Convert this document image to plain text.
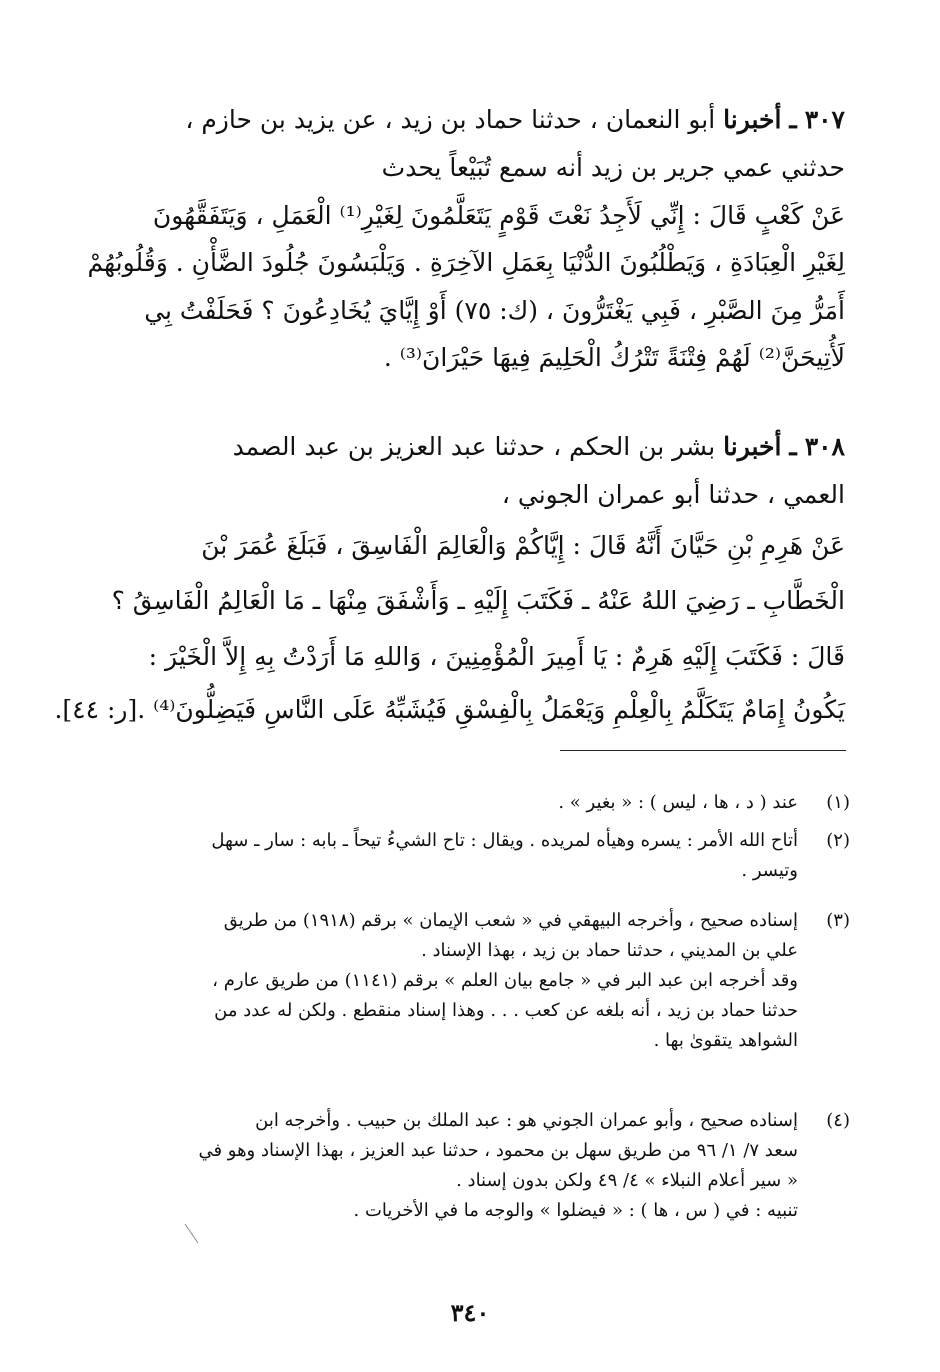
٣٠٧ ـ أخبرنا أبو النعمان ، حدثنا حماد بن زيد ، عن يزيد بن حازم ،
حدثني عمي جرير بن زيد أنه سمع تُبَيْعاً يحدث
عَنْ كَعْبٍ قَالَ : إِنِّي لَأَجِدُ نَعْتَ قَوْمٍ يَتَعَلَّمُونَ لِغَيْرِ⁽¹⁾ الْعَمَلِ ، وَيَتَفَقَّهُونَ
لِغَيْرِ الْعِبَادَةِ ، وَيَطْلُبُونَ الدُّنْيَا بِعَمَلِ الآخِرَةِ . وَيَلْبَسُونَ جُلُودَ الضَّأْنِ . وَقُلُوبُهُمْ
أَمَرُّ مِنَ الصَّبْرِ ، فَبِي يَغْتَرُّونَ ، (ك: ٧٥) أَوْ إِيَّايَ يُخَادِعُونَ ؟ فَحَلَفْتُ بِي
لَأُتِيحَنَّ⁽²⁾ لَهُمْ فِتْنَةً تَتْرُكُ الْحَلِيمَ فِيهَا حَيْرَانَ⁽³⁾ .
٣٠٨ ـ أخبرنا بشر بن الحكم ، حدثنا عبد العزيز بن عبد الصمد
العمي ، حدثنا أبو عمران الجوني ،
عَنْ هَرِمِ بْنِ حَيَّانَ أَنَّهُ قَالَ : إِيَّاكُمْ وَالْعَالِمَ الْفَاسِقَ ، فَبَلَغَ عُمَرَ بْنَ
الْخَطَّابِ ـ رَضِيَ اللهُ عَنْهُ ـ فَكَتَبَ إِلَيْهِ ـ وَأَشْفَقَ مِنْهَا ـ مَا الْعَالِمُ الْفَاسِقُ ؟
قَالَ : فَكَتَبَ إِلَيْهِ هَرِمٌ : يَا أَمِيرَ الْمُؤْمِنِينَ ، وَاللهِ مَا أَرَدْتُ بِهِ إِلاَّ الْخَيْرَ :
يَكُونُ إِمَامٌ يَتَكَلَّمُ بِالْعِلْمِ وَيَعْمَلُ بِالْفِسْقِ فَيُشَبِّهُ عَلَى النَّاسِ فَيَضِلُّونَ⁽⁴⁾ .[ر: ٤٤].
(١)
عند ( د ، ها ، ليس ) : « بغير » .
(٢)
أتاح الله الأمر : يسره وهيأه لمريده . ويقال : تاح الشيءُ تيحاً ـ بابه : سار ـ سهل
وتيسر .
(٣)
إسناده صحيح ، وأخرجه البيهقي في « شعب الإيمان » برقم (١٩١٨) من طريق
علي بن المديني ، حدثنا حماد بن زيد ، بهذا الإسناد .
وقد أخرجه ابن عبد البر في « جامع بيان العلم » برقم (١١٤١) من طريق عارم ،
حدثنا حماد بن زيد ، أنه بلغه عن كعب . . . وهذا إسناد منقطع . ولكن له عدد من
الشواهد يتقوىٰ بها .
(٤)
إسناده صحيح ، وأبو عمران الجوني هو : عبد الملك بن حبيب . وأخرجه ابن
سعد ٧/ ١/ ٩٦ من طريق سهل بن محمود ، حدثنا عبد العزيز ، بهذا الإسناد وهو في
« سير أعلام النبلاء » ٤/ ٤٩ ولكن بدون إسناد .
تنبيه : في ( س ، ها ) : « فيضلوا » والوجه ما في الأخريات .
٣٤٠
